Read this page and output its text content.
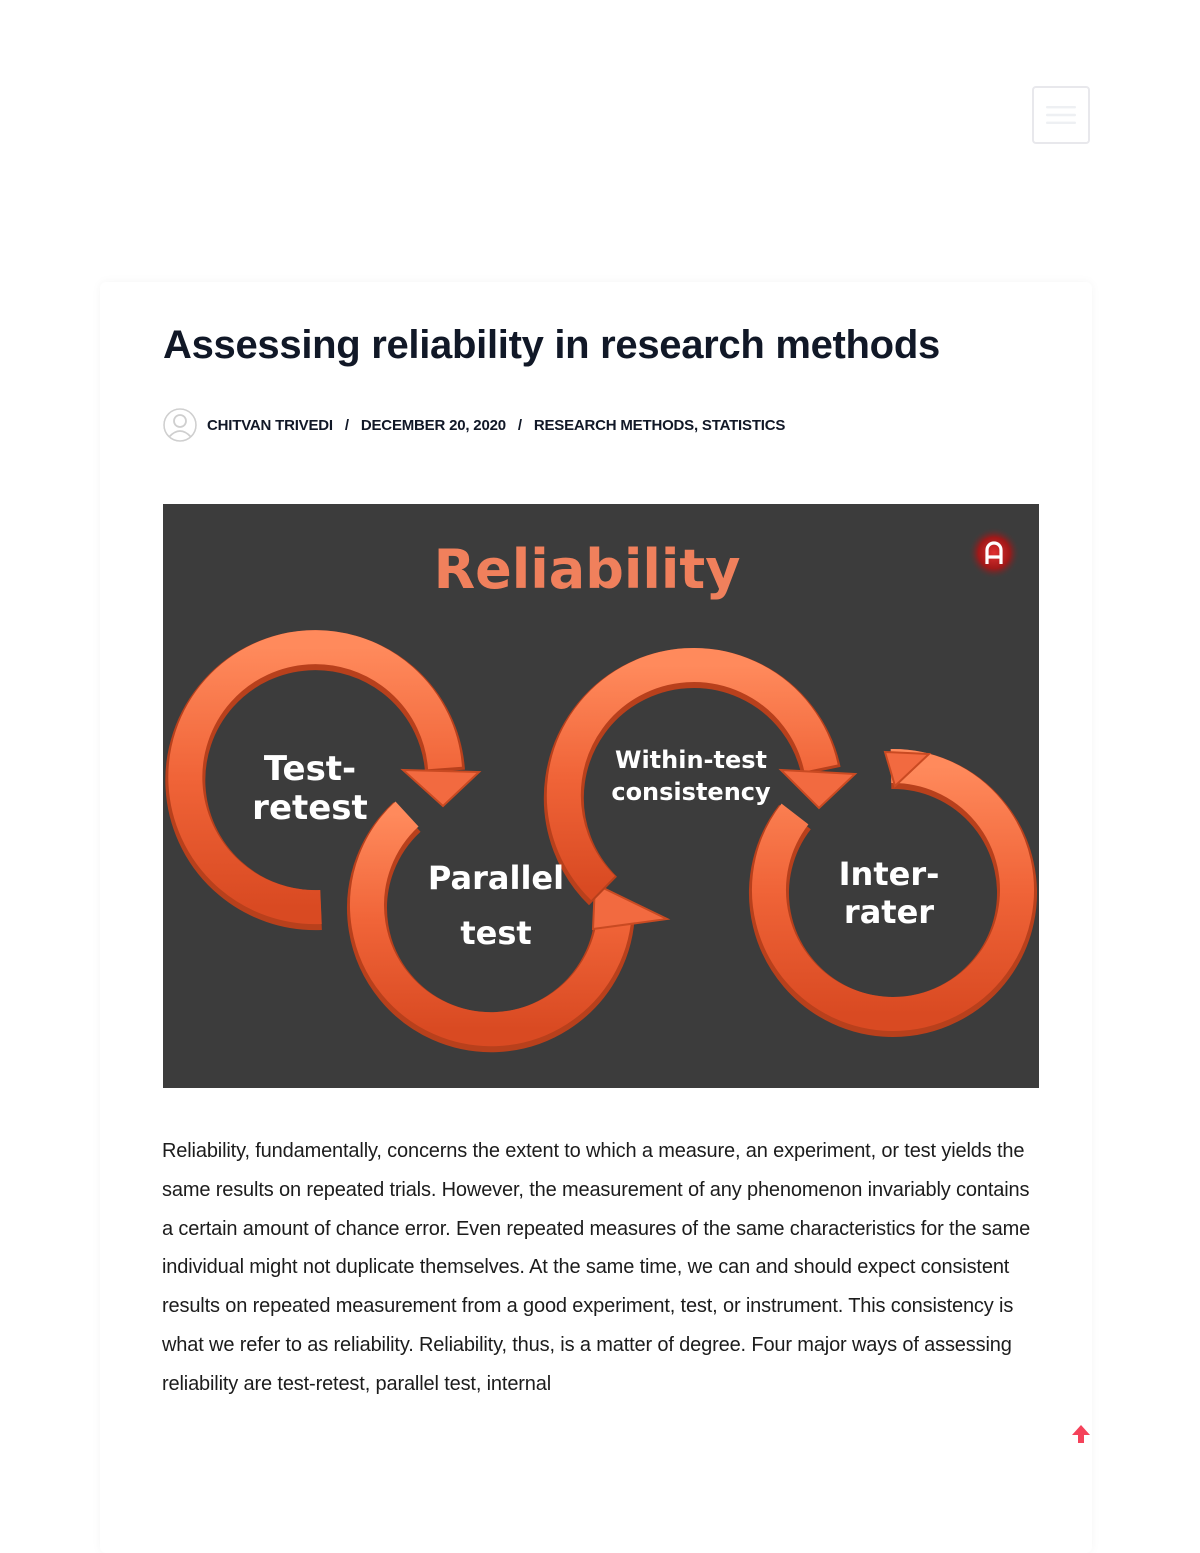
Assessing reliability in research methods
CHITVAN TRIVEDI / DECEMBER 20, 2020 / RESEARCH METHODS, STATISTICS
Reliability
Test-
retest
Parallel
test
Within-test
consistency
Inter-
rater

Reliability, fundamentally, concerns the extent to which a measure, an experiment, or test yields the same results on repeated trials. However, the measurement of any phenomenon invariably contains a certain amount of chance error. Even repeated measures of the same characteristics for the same individual might not duplicate themselves. At the same time, we can and should expect consistent results on repeated measurement from a good experiment, test, or instrument. This consistency is what we refer to as reliability. Reliability, thus, is a matter of degree. Four major ways of assessing reliability are test-retest, parallel test, internal
